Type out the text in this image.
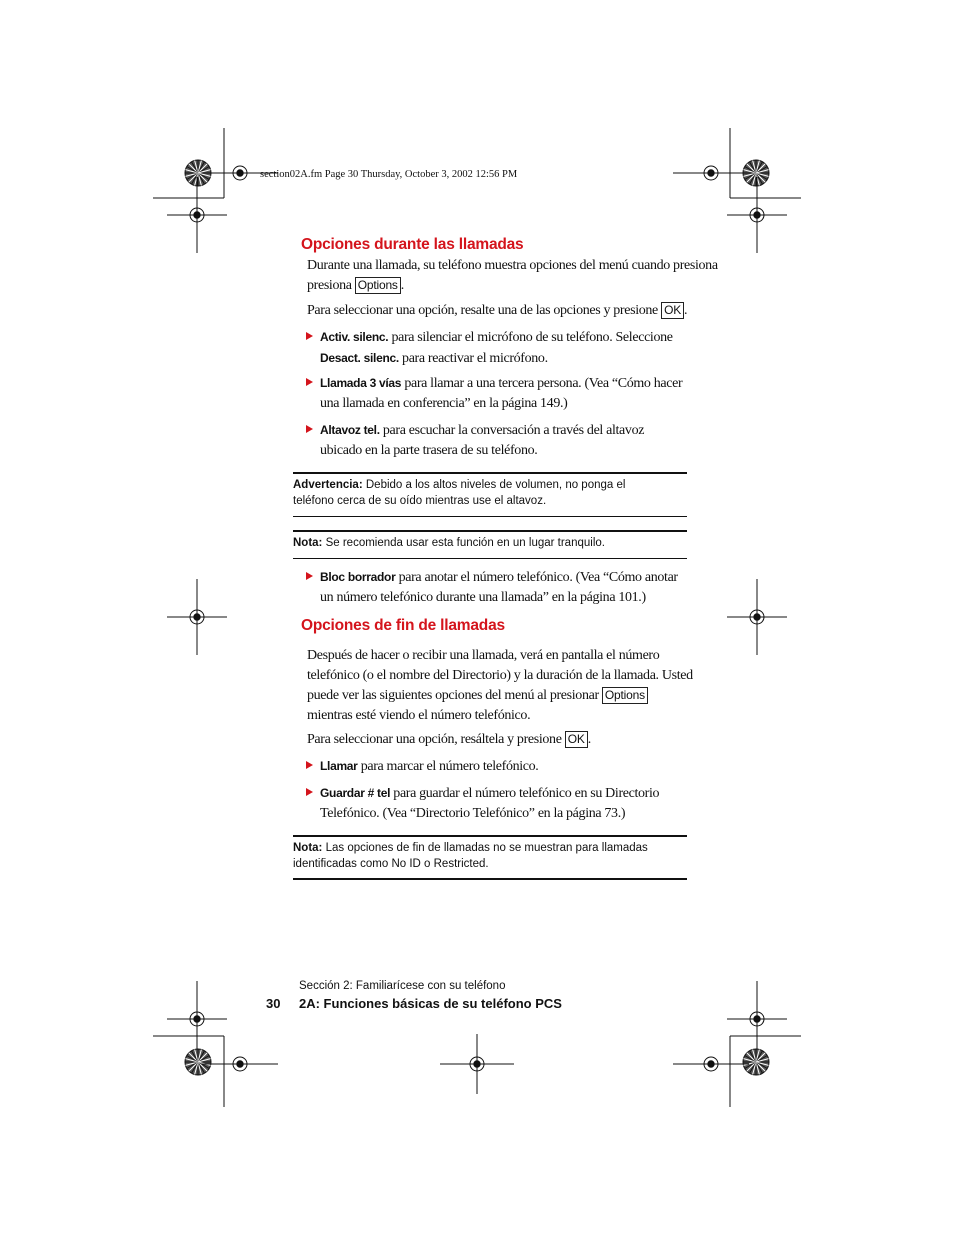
section02A.fm Page 30 Thursday, October 3, 2002 12:56 PM
Opciones durante las llamadas
Durante una llamada, su teléfono muestra opciones del menú cuando presiona
presiona Options .
Para seleccionar una opción, resalte una de las opciones y presione OK .
Activ. silenc. para silenciar el micrófono de su teléfono. Seleccione
Desact. silenc. para reactivar el micrófono.
Llamada 3 vías para llamar a una tercera persona. (Vea “Cómo hacer
una llamada en conferencia” en la página 149.)
Altavoz tel. para escuchar la conversación a través del altavoz
ubicado en la parte trasera de su teléfono.
Advertencia: Debido a los altos niveles de volumen, no ponga el
teléfono cerca de su oído mientras use el altavoz.
Nota: Se recomienda usar esta función en un lugar tranquilo.
Bloc borrador para anotar el número telefónico. (Vea “Cómo anotar
un número telefónico durante una llamada” en la página 101.)
Opciones de fin de llamadas
Después de hacer o recibir una llamada, verá en pantalla el número
telefónico (o el nombre del Directorio) y la duración de la llamada. Usted
puede ver las siguientes opciones del menú al presionar Options
mientras esté viendo el número telefónico.
Para seleccionar una opción, resáltela y presione OK .
Llamar para marcar el número telefónico.
Guardar # tel para guardar el número telefónico en su Directorio
Telefónico. (Vea “Directorio Telefónico” en la página 73.)
Nota: Las opciones de fin de llamadas no se muestran para llamadas
identificadas como No ID o Restricted.
Sección 2: Familiarícese con su teléfono
30 2A: Funciones básicas de su teléfono PCS
